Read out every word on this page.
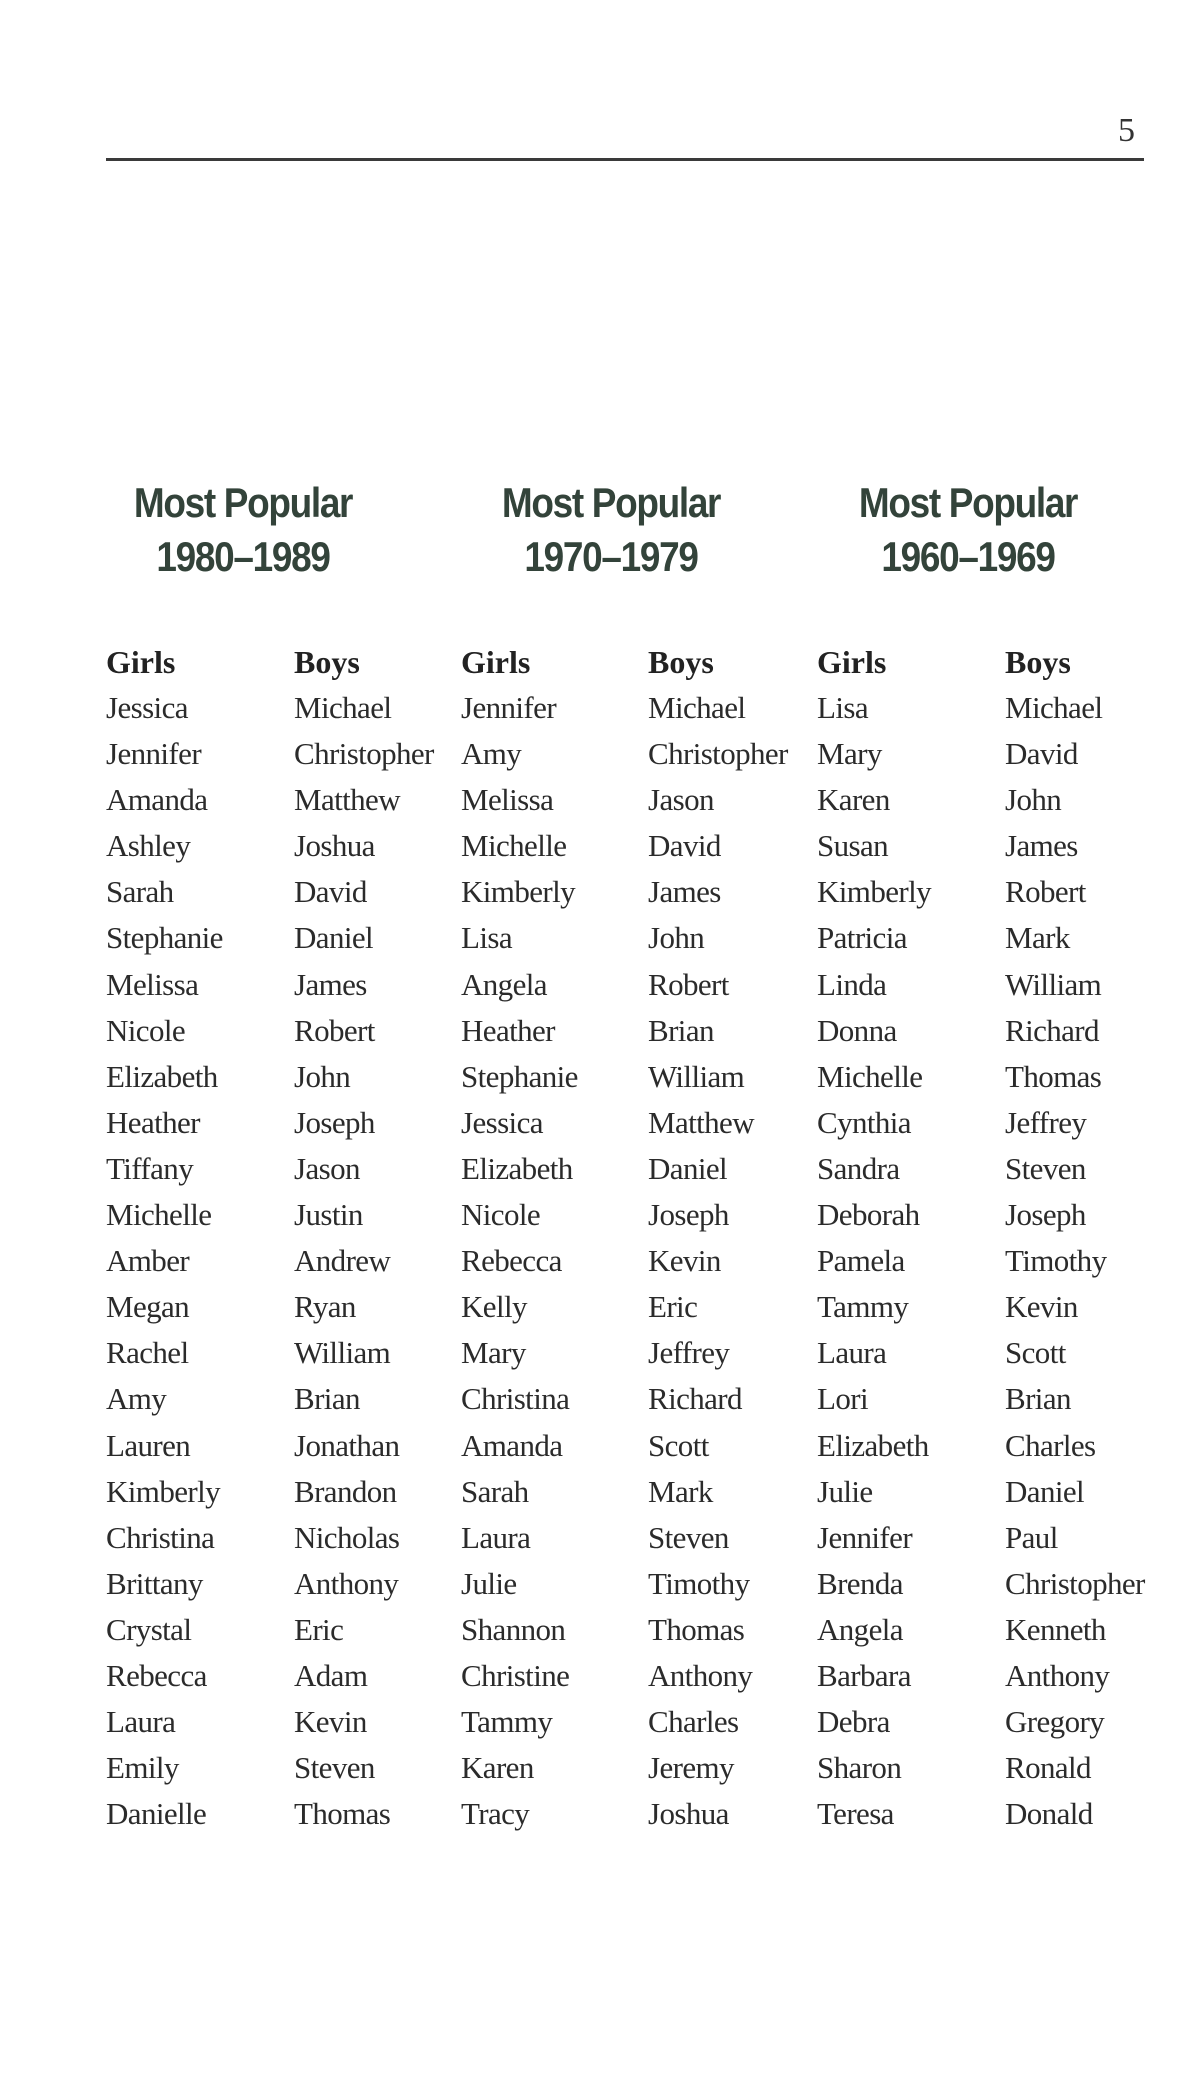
5
Most Popular
1980–1989
Girls
Jessica
Jennifer
Amanda
Ashley
Sarah
Stephanie
Melissa
Nicole
Elizabeth
Heather
Tiffany
Michelle
Amber
Megan
Rachel
Amy
Lauren
Kimberly
Christina
Brittany
Crystal
Rebecca
Laura
Emily
Danielle
Boys
Michael
Christopher
Matthew
Joshua
David
Daniel
James
Robert
John
Joseph
Jason
Justin
Andrew
Ryan
William
Brian
Jonathan
Brandon
Nicholas
Anthony
Eric
Adam
Kevin
Steven
Thomas
Most Popular
1970–1979
Girls
Jennifer
Amy
Melissa
Michelle
Kimberly
Lisa
Angela
Heather
Stephanie
Jessica
Elizabeth
Nicole
Rebecca
Kelly
Mary
Christina
Amanda
Sarah
Laura
Julie
Shannon
Christine
Tammy
Karen
Tracy
Boys
Michael
Christopher
Jason
David
James
John
Robert
Brian
William
Matthew
Daniel
Joseph
Kevin
Eric
Jeffrey
Richard
Scott
Mark
Steven
Timothy
Thomas
Anthony
Charles
Jeremy
Joshua
Most Popular
1960–1969
Girls
Lisa
Mary
Karen
Susan
Kimberly
Patricia
Linda
Donna
Michelle
Cynthia
Sandra
Deborah
Pamela
Tammy
Laura
Lori
Elizabeth
Julie
Jennifer
Brenda
Angela
Barbara
Debra
Sharon
Teresa
Boys
Michael
David
John
James
Robert
Mark
William
Richard
Thomas
Jeffrey
Steven
Joseph
Timothy
Kevin
Scott
Brian
Charles
Daniel
Paul
Christopher
Kenneth
Anthony
Gregory
Ronald
Donald
